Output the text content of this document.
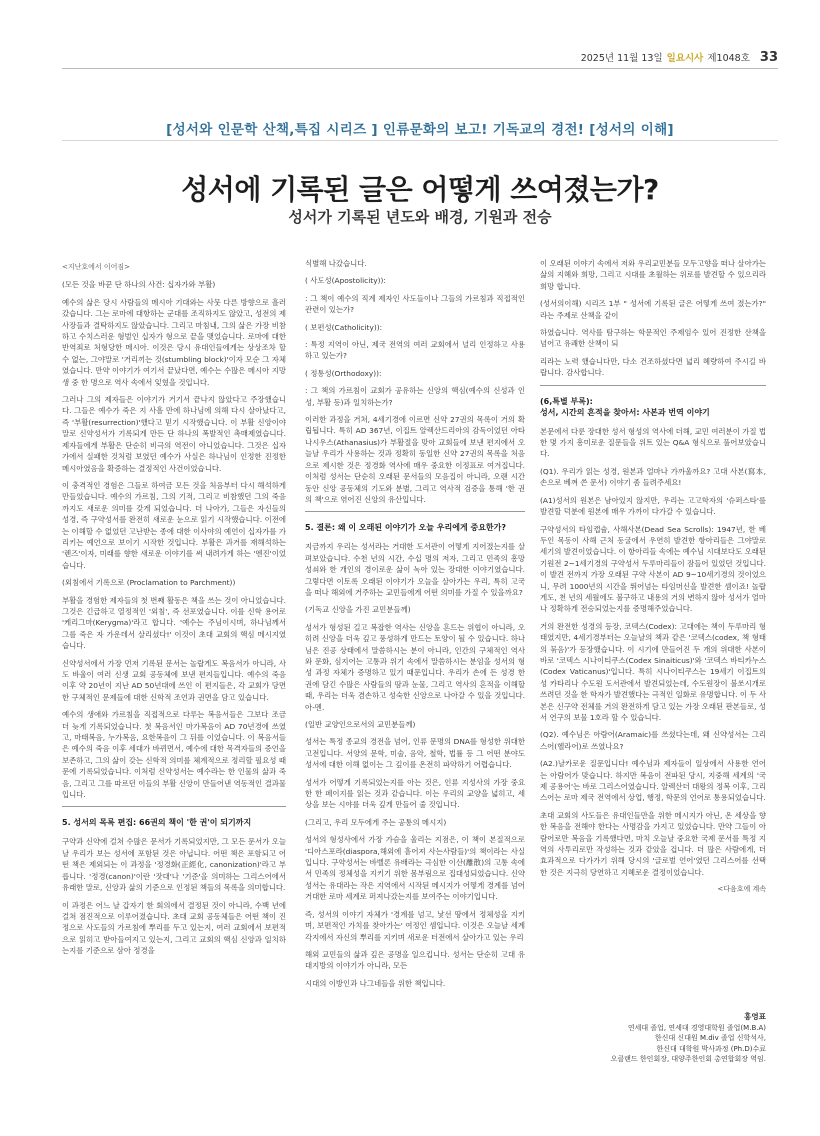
2025년 11월 13일 일요시사 제1048호 33
[성서와 인문학 산책,특집 시리즈 ] 인류문화의 보고! 기독교의 경전! [성서의 이해]
성서에 기록된 글은 어떻게 쓰여졌는가?
성서가 기록된 년도와 배경, 기원과 전승

<지난호에서 이어짐>

(모든 것을 바꾼 단 하나의 사건: 십자가와 부활)

예수의 삶은 당시 사람들의 메시아 기대와는 사뭇 다른 방향으로 흘러갔습니다. 그는 로마에 대항하는 군대를 조직하지도 않았고, 성전의 제사장들과 결탁하지도 않았습니다. 그리고 마침내, 그의 삶은 가장 비참하고 수치스러운 형벌인 십자가 형으로 끝을 맺었습니다. 로마에 대한 반역죄로 처형당한 메시아. 이것은 당시 유대인들에게는 상상조차 할 수 없는, 그야말로 '거리끼는 것(stumbling block)'이자 모순 그 자체였습니다. 만약 이야기가 여기서 끝났다면, 예수는 수많은 메시아 지망생 중 한 명으로 역사 속에서 잊혔을 것입니다.

그러나 그의 제자들은 이야기가 거기서 끝나지 않았다고 주장했습니다. 그들은 예수가 죽은 지 사흘 만에 하나님에 의해 다시 살아났다고, 즉 '부활(resurrection)'했다고 믿기 시작했습니다. 이 부활 신앙이야말로 신약성서가 기록되게 만든 단 하나의 폭발적인 촉매제였습니다. 제자들에게 부활은 단순히 비극의 역전이 아니었습니다. 그것은 십자가에서 실패한 것처럼 보였던 예수가 사실은 하나님이 인정한 진정한 메시아였음을 확증하는 결정적인 사건이었습니다.

이 충격적인 경험은 그들로 하여금 모든 것을 처음부터 다시 해석하게 만들었습니다. 예수의 가르침, 그의 기적, 그리고 비참했던 그의 죽음까지도 새로운 의미를 갖게 되었습니다. 더 나아가, 그들은 자신들의 성경, 즉 구약성서를 완전히 새로운 눈으로 읽기 시작했습니다. 이전에는 이해할 수 없었던 고난받는 종에 대한 이사야의 예언이 십자가를 가리키는 예언으로 보이기 시작한 것입니다. 부활은 과거를 재해석하는 '렌즈'이자, 미래를 향한 새로운 이야기를 써 내려가게 하는 '엔진'이었습니다.

(외침에서 기록으로 (Proclamation to Parchment))

부활을 경험한 제자들의 첫 번째 활동은 책을 쓰는 것이 아니었습니다. 그것은 긴급하고 열정적인 '외침', 즉 선포였습니다. 이를 신학 용어로 '케리그마(Kerygma)'라고 합니다. '예수는 주님이시며, 하나님께서 그를 죽은 자 가운데서 살리셨다!' 이것이 초대 교회의 핵심 메시지였습니다.

신약성서에서 가장 먼저 기록된 문서는 놀랍게도 복음서가 아니라, 사도 바울이 여러 신생 교회 공동체에 보낸 편지들입니다. 예수의 죽음 이후 약 20년이 지난 AD 50년대에 쓰인 이 편지들은, 각 교회가 당면한 구체적인 문제들에 대한 신학적 조언과 권면을 담고 있습니다.

예수의 생애와 가르침을 직접적으로 다루는 복음서들은 그보다 조금 더 늦게 기록되었습니다. 첫 복음서인 마가복음이 AD 70년경에 쓰였고, 마태복음, 누가복음, 요한복음이 그 뒤를 이었습니다. 이 복음서들은 예수의 죽음 이후 세대가 바뀌면서, 예수에 대한 목격자들의 증언을 보존하고, 그의 삶이 갖는 신학적 의미를 체계적으로 정리할 필요성 때문에 기록되었습니다. 이처럼 신약성서는 예수라는 한 인물의 삶과 죽음, 그리고 그를 따르던 이들의 부활 신앙이 만들어낸 역동적인 결과물입니다.

5. 성서의 목록 편집: 66권의 책이 '한 권'이 되기까지

구약과 신약에 걸쳐 수많은 문서가 기록되었지만, 그 모든 문서가 오늘날 우리가 보는 성서에 포함된 것은 아닙니다. 어떤 책은 포함되고 어떤 책은 제외되는 이 과정을 '정경화(正經化, canonization)'라고 부릅니다. '정경(canon)'이란 '잣대'나 '기준'을 의미하는 그리스어에서 유래한 말로, 신앙과 삶의 기준으로 인정된 책들의 목록을 의미합니다.

이 과정은 어느 날 갑자기 한 회의에서 결정된 것이 아니라, 수백 년에 걸쳐 점진적으로 이루어졌습니다. 초대 교회 공동체들은 어떤 책이 진정으로 사도들의 가르침에 뿌리를 두고 있는지, 여러 교회에서 보편적으로 읽히고 받아들여지고 있는지, 그리고 교회의 핵심 신앙과 일치하는지를 기준으로 삼아 정경을

식별해 나갔습니다.

( 사도성(Apostolicity)):

: 그 책이 예수의 직계 제자인 사도들이나 그들의 가르침과 직접적인 관련이 있는가?

( 보편성(Catholicity)):

: 특정 지역이 아닌, 제국 전역의 여러 교회에서 널리 인정하고 사용하고 있는가?

( 정통성(Orthodoxy)):

: 그 책의 가르침이 교회가 공유하는 신앙의 핵심(예수의 신성과 인성, 부활 등)과 일치하는가?

이러한 과정을 거쳐, 4세기경에 이르면 신약 27권의 목록이 거의 확립됩니다. 특히 AD 367년, 이집트 알렉산드리아의 감독이었던 아타나시우스(Athanasius)가 부활절을 맞아 교회들에 보낸 편지에서 오늘날 우리가 사용하는 것과 정확히 동일한 신약 27권의 목록을 처음으로 제시한 것은 정경화 역사에 매우 중요한 이정표로 여겨집니다. 이처럼 성서는 단순히 오래된 문서들의 모음집이 아니라, 오랜 시간 동안 신앙 공동체의 기도와 분별, 그리고 역사적 검증을 통해 '한 권의 책'으로 엮어진 신앙의 유산입니다.

5. 결론: 왜 이 오래된 이야기가 오늘 우리에게 중요한가?

지금까지 우리는 성서라는 거대한 도서관이 어떻게 지어졌는지를 살펴보았습니다. 수천 년의 시간, 수십 명의 저자, 그리고 민족의 흥망성쇠와 한 개인의 경이로운 삶이 녹아 있는 장대한 이야기였습니다. 그렇다면 이토록 오래된 이야기가 오늘을 살아가는 우리, 특히 고국을 떠나 해외에 거주하는 교민들에게 어떤 의미를 가질 수 있을까요?

(기독교 신앙을 가진 교민분들께)

성서가 형성된 길고 복잡한 역사는 신앙을 흔드는 위협이 아니라, 오히려 신앙을 더욱 깊고 풍성하게 만드는 토양이 될 수 있습니다. 하나님은 진공 상태에서 말씀하시는 분이 아니라, 인간의 구체적인 역사와 문화, 심지어는 고통과 위기 속에서 말씀하시는 분임을 성서의 형성 과정 자체가 증명하고 있기 때문입니다. 우리가 손에 든 성경 한 권에 담긴 수많은 사람들의 땀과 눈물, 그리고 역사의 흔적을 이해할 때, 우리는 더욱 겸손하고 성숙한 신앙으로 나아갈 수 있을 것입니다. 아-멘.

(일반 교양인으로서의 교민분들께)

성서는 특정 종교의 경전을 넘어, 인류 문명의 DNA를 형성한 위대한 고전입니다. 서양의 문학, 미술, 음악, 철학, 법률 등 그 어떤 분야도 성서에 대한 이해 없이는 그 깊이를 온전히 파악하기 어렵습니다.

성서가 어떻게 기록되었는지를 아는 것은, 인류 지성사의 가장 중요한 한 페이지를 읽는 것과 같습니다. 이는 우리의 교양을 넓히고, 세상을 보는 시야를 더욱 깊게 만들어 줄 것입니다.

(그리고, 우리 모두에게 주는 공통의 메시지)

성서의 형성사에서 가장 가슴을 울리는 지점은, 이 책이 본질적으로 '디아스포라(diaspora,해외에 흩어져 사는사람들)'의 책이라는 사실입니다. 구약성서는 바벨론 유배라는 극심한 이산(離散)의 고통 속에서 민족의 정체성을 지키기 위한 몸부림으로 집대성되었습니다. 신약성서는 유대라는 작은 지역에서 시작된 메시지가 어떻게 경계를 넘어 거대한 로마 세계로 퍼져나갔는지를 보여주는 이야기입니다.

즉, 성서의 이야기 자체가 '경계를 넘고, 낯선 땅에서 정체성을 지키며, 보편적인 가치를 찾아가는' 여정인 셈입니다. 이것은 오늘날 세계 각지에서 자신의 뿌리를 지키며 새로운 터전에서 살아가고 있는 우리

해외 교민들의 삶과 깊은 공명을 일으킵니다. 성서는 단순히 고대 유대지방의 이야기가 아니라, 모든

시대의 이방인과 나그네들을 위한 책입니다.

이 오래된 이야기 속에서 저와 우리교민분들 모두고향을 떠나 살아가는 삶의 지혜와 희망, 그리고 시대를 초월하는 위로를 발견할 수 있으리라 희망 합니다.

(성서의이해) 시리즈 1부 " 성서에 기록된 글은 어떻게 쓰여 졌는가?" 라는 주제로 산책을 같이

하였습니다. 역사를 탐구하는 학문적인 주제임수 있어 진정한 산책을 넘어고 유쾌한 산책이 되

리라는 노력 했습니다만, 다소 건조하셨다면 넓리 혜량하여 주시길 바랍니다. 감사합니다.

(6,특별 부록):
성서, 시간의 흔적을 찾아서: 사본과 번역 이야기

본문에서 다룬 장대한 성서 형성의 역사에 더해, 교민 여러분이 가질 법한 몇 가지 흥미로운 질문들을 위트 있는 Q&A 형식으로 풀어보았습니다.

(Q1). 우리가 읽는 성경, 원본과 얼마나 가까울까요? 고대 사본(寫本, 손으로 베껴 쓴 문서) 이야기 좀 들려주세요!

(A1)성서의 원본은 남아있지 않지만, 우리는 고고학자의 '슈퍼스타'를 발견할 덕분에 원본에 매우 가까이 다가갈 수 있습니다.

구약성서의 타임캡슐, 사해사본(Dead Sea Scrolls): 1947년, 한 베두인 목동이 사해 근처 동굴에서 우연히 발견한 항아리들은 그야말로 세기의 발견이었습니다. 이 항아리들 속에는 예수님 시대보다도 오래된 기원전 2~1세기경의 구약성서 두루마리들이 잠들어 있었던 것입니다. 이 발견 전까지 가장 오래된 구약 사본이 AD 9~10세기경의 것이었으니, 무려 1000년의 시간을 뛰어넘는 타임머신을 발견한 셈이죠! 놀랍게도, 천 년의 세월에도 불구하고 내용의 거의 변하지 않아 성서가 얼마나 정확하게 전승되었는지를 증명해주었습니다.

거의 완전한 성경의 등장, 코덱스(Codex): 고대에는 책이 두루마리 형태였지만, 4세기경부터는 오늘날의 책과 같은 '코덱스(codex, 책 형태의 묶음)'가 등장했습니다. 이 시기에 만들어진 두 개의 위대한 사본이 바로 '코덱스 시나이티쿠스(Codex Sinaiticus)'와 '코덱스 바티카누스(Codex Vaticanus)'입니다. 특히 시나이티쿠스는 19세기 이집트의 성 카타리나 수도원 도서관에서 발견되었는데, 수도원장이 불쏘시개로 쓰려던 것을 한 학자가 발견했다는 극적인 일화로 유명합니다. 이 두 사본은 신구약 전체를 거의 완전하게 담고 있는 가장 오래된 판본들로, 성서 연구의 보물 1호라 할 수 있습니다.

(Q2). 예수님은 아람어(Aramaic)를 쓰셨다는데, 왜 신약성서는 그리스어(헬라어)로 쓰였나요?

(A2.)날카로운 질문입니다! 예수님과 제자들이 일상에서 사용한 언어는 아람어가 맞습니다. 하지만 복음이 전파된 당시, 지중해 세계의 '국제 공용어'는 바로 그리스어였습니다. 알렉산더 대왕의 정복 이후, 그리스어는 로마 제국 전역에서 상업, 행정, 학문의 언어로 통용되었습니다.

초대 교회의 사도들은 유대인들만을 위한 메시지가 아닌, 온 세상을 향한 복음을 전해야 한다는 사명감을 가지고 있었습니다. 만약 그들이 아람어로만 복음을 기록했다면, 마치 오늘날 중요한 국제 문서를 특정 지역의 사투리로만 작성하는 것과 같았을 겁니다. 더 많은 사람에게, 더 효과적으로 다가가기 위해 당시의 '글로벌 언어'였던 그리스어를 선택한 것은 지극히 당연하고 지혜로운 결정이었습니다.

<다음호에 계속

홍영표
연세대 졸업, 연세대 경영대학원 졸업(M.B.A)
한신대 신대원 M.div 졸업 신학석사,
한신대 대학원 박사과정 (Ph.D)수료
오클랜드 한인회장, 대양주한인회 총연합회장 역임.
